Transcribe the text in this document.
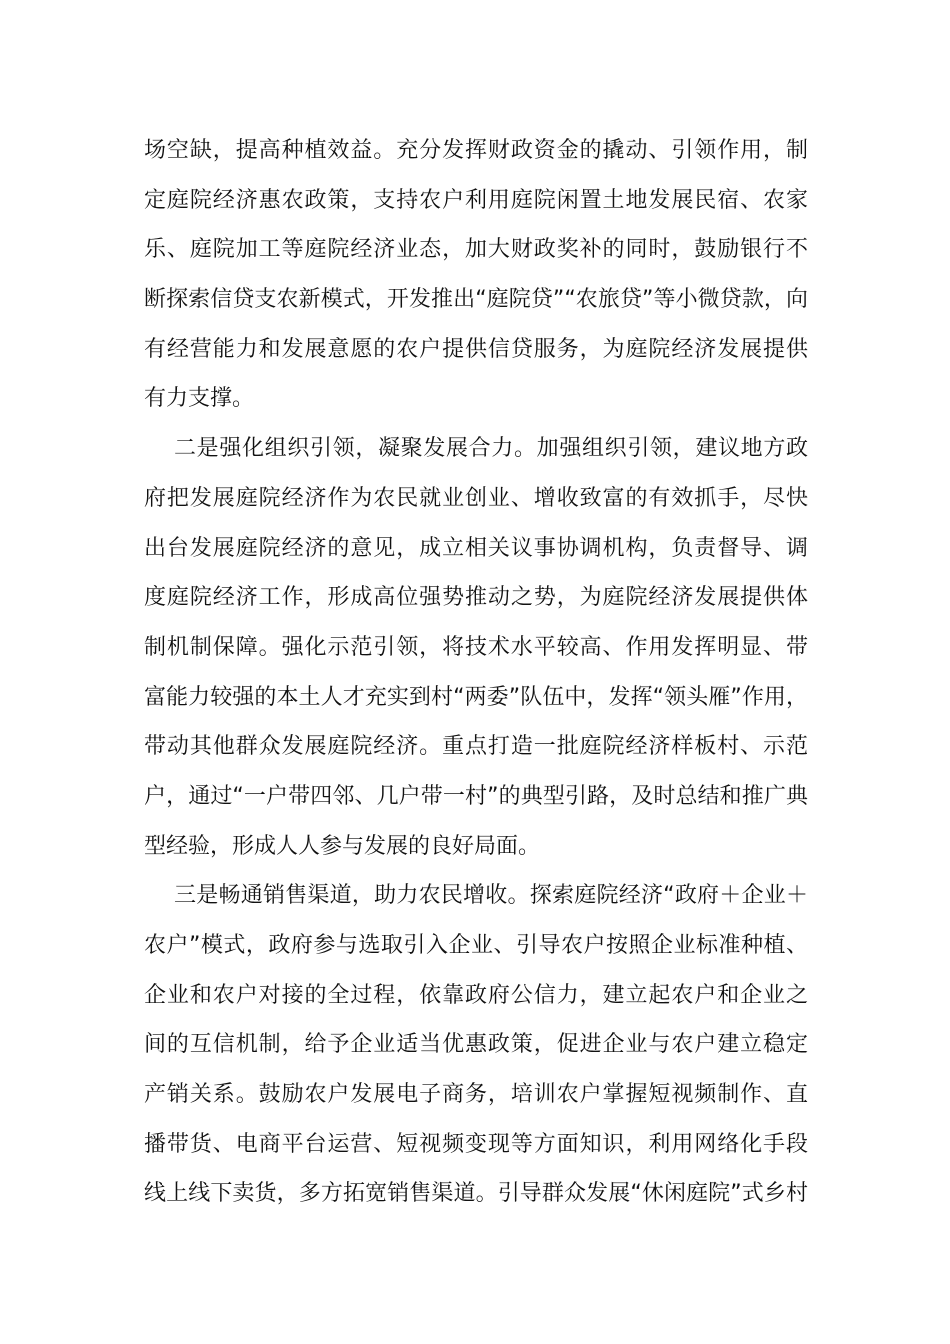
场空缺，提高种植效益。充分发挥财政资金的撬动、引领作用，制
定庭院经济惠农政策，支持农户利用庭院闲置土地发展民宿、农家
乐、庭院加工等庭院经济业态，加大财政奖补的同时，鼓励银行不
断探索信贷支农新模式，开发推出“庭院贷”“农旅贷”等小微贷款，向
有经营能力和发展意愿的农户提供信贷服务，为庭院经济发展提供
有力支撑。
二是强化组织引领，凝聚发展合力。加强组织引领，建议地方政
府把发展庭院经济作为农民就业创业、增收致富的有效抓手，尽快
出台发展庭院经济的意见，成立相关议事协调机构，负责督导、调
度庭院经济工作，形成高位强势推动之势，为庭院经济发展提供体
制机制保障。强化示范引领，将技术水平较高、作用发挥明显、带
富能力较强的本土人才充实到村“两委”队伍中，发挥“领头雁”作用，
带动其他群众发展庭院经济。重点打造一批庭院经济样板村、示范
户，通过“一户带四邻、几户带一村”的典型引路，及时总结和推广典
型经验，形成人人参与发展的良好局面。
三是畅通销售渠道，助力农民增收。探索庭院经济“政府＋企业＋
农户”模式，政府参与选取引入企业、引导农户按照企业标准种植、
企业和农户对接的全过程，依靠政府公信力，建立起农户和企业之
间的互信机制，给予企业适当优惠政策，促进企业与农户建立稳定
产销关系。鼓励农户发展电子商务，培训农户掌握短视频制作、直
播带货、电商平台运营、短视频变现等方面知识，利用网络化手段
线上线下卖货，多方拓宽销售渠道。引导群众发展“休闲庭院”式乡村
